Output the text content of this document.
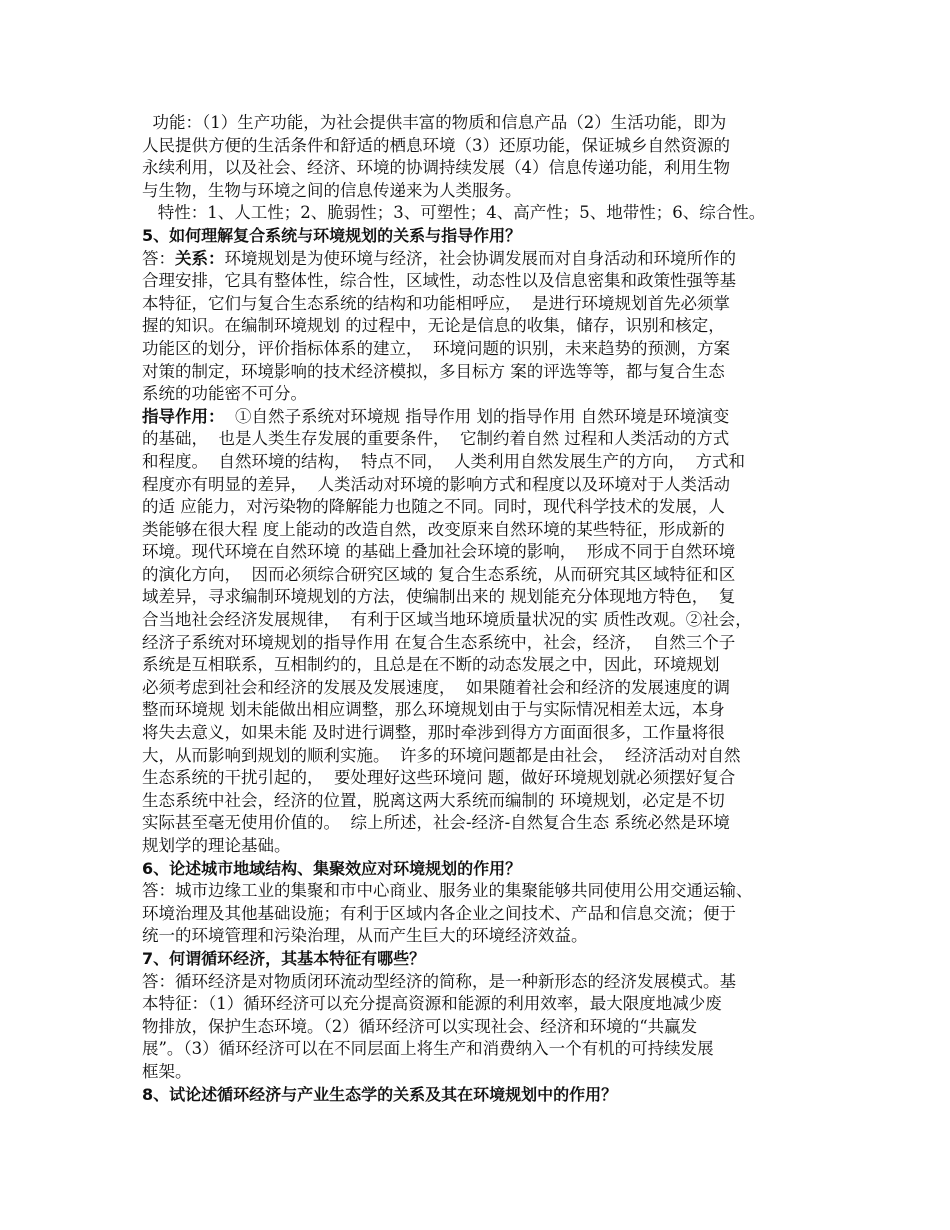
功能：（1）生产功能，为社会提供丰富的物质和信息产品（2）生活功能，即为
人民提供方便的生活条件和舒适的栖息环境（3）还原功能，保证城乡自然资源的
永续利用，以及社会、经济、环境的协调持续发展（4）信息传递功能，利用生物
与生物，生物与环境之间的信息传递来为人类服务。
特性：1、人工性；2、脆弱性；3、可塑性；4、高产性；5、地带性；6、综合性。
5、如何理解复合系统与环境规划的关系与指导作用？
答：关系：环境规划是为使环境与经济，社会协调发展而对自身活动和环境所作的
合理安排，它具有整体性，综合性，区域性，动态性以及信息密集和政策性强等基
本特征，它们与复合生态系统的结构和功能相呼应，  是进行环境规划首先必须掌
握的知识。在编制环境规划 的过程中，无论是信息的收集，储存，识别和核定，
功能区的划分，评价指标体系的建立，  环境问题的识别，未来趋势的预测，方案
对策的制定，环境影响的技术经济模拟，多目标方 案的评选等等，都与复合生态
系统的功能密不可分。
指导作用：  ①自然子系统对环境规 指导作用 划的指导作用 自然环境是环境演变
的基础，  也是人类生存发展的重要条件，  它制约着自然 过程和人类活动的方式
和程度。  自然环境的结构，  特点不同，  人类利用自然发展生产的方向，  方式和
程度亦有明显的差异，  人类活动对环境的影响方式和程度以及环境对于人类活动
的适 应能力，对污染物的降解能力也随之不同。同时，现代科学技术的发展，人
类能够在很大程 度上能动的改造自然，改变原来自然环境的某些特征，形成新的
环境。现代环境在自然环境 的基础上叠加社会环境的影响，  形成不同于自然环境
的演化方向，  因而必须综合研究区域的 复合生态系统，从而研究其区域特征和区
域差异，寻求编制环境规划的方法，使编制出来的 规划能充分体现地方特色，  复
合当地社会经济发展规律，  有利于区域当地环境质量状况的实 质性改观。②社会，
经济子系统对环境规划的指导作用 在复合生态系统中，社会，经济，  自然三个子
系统是互相联系，互相制约的，且总是在不断的动态发展之中，因此，环境规划
必须考虑到社会和经济的发展及发展速度，  如果随着社会和经济的发展速度的调
整而环境规 划未能做出相应调整，那么环境规划由于与实际情况相差太远，本身
将失去意义，如果未能 及时进行调整，那时牵涉到得方方面面很多，工作量将很
大，从而影响到规划的顺利实施。  许多的环境问题都是由社会，  经济活动对自然
生态系统的干扰引起的，  要处理好这些环境问 题，做好环境规划就必须摆好复合
生态系统中社会，经济的位置，脱离这两大系统而编制的 环境规划，必定是不切
实际甚至毫无使用价值的。  综上所述，社会-经济-自然复合生态 系统必然是环境
规划学的理论基础。
6、论述城市地域结构、集聚效应对环境规划的作用？
答：城市边缘工业的集聚和市中心商业、服务业的集聚能够共同使用公用交通运输、
环境治理及其他基础设施；有利于区域内各企业之间技术、产品和信息交流；便于
统一的环境管理和污染治理，从而产生巨大的环境经济效益。
7、何谓循环经济，其基本特征有哪些？
答：循环经济是对物质闭环流动型经济的简称，是一种新形态的经济发展模式。基
本特征：（1）循环经济可以充分提高资源和能源的利用效率，最大限度地减少废
物排放，保护生态环境。（2）循环经济可以实现社会、经济和环境的“共赢发
展”。（3）循环经济可以在不同层面上将生产和消费纳入一个有机的可持续发展
框架。
8、试论述循环经济与产业生态学的关系及其在环境规划中的作用？
